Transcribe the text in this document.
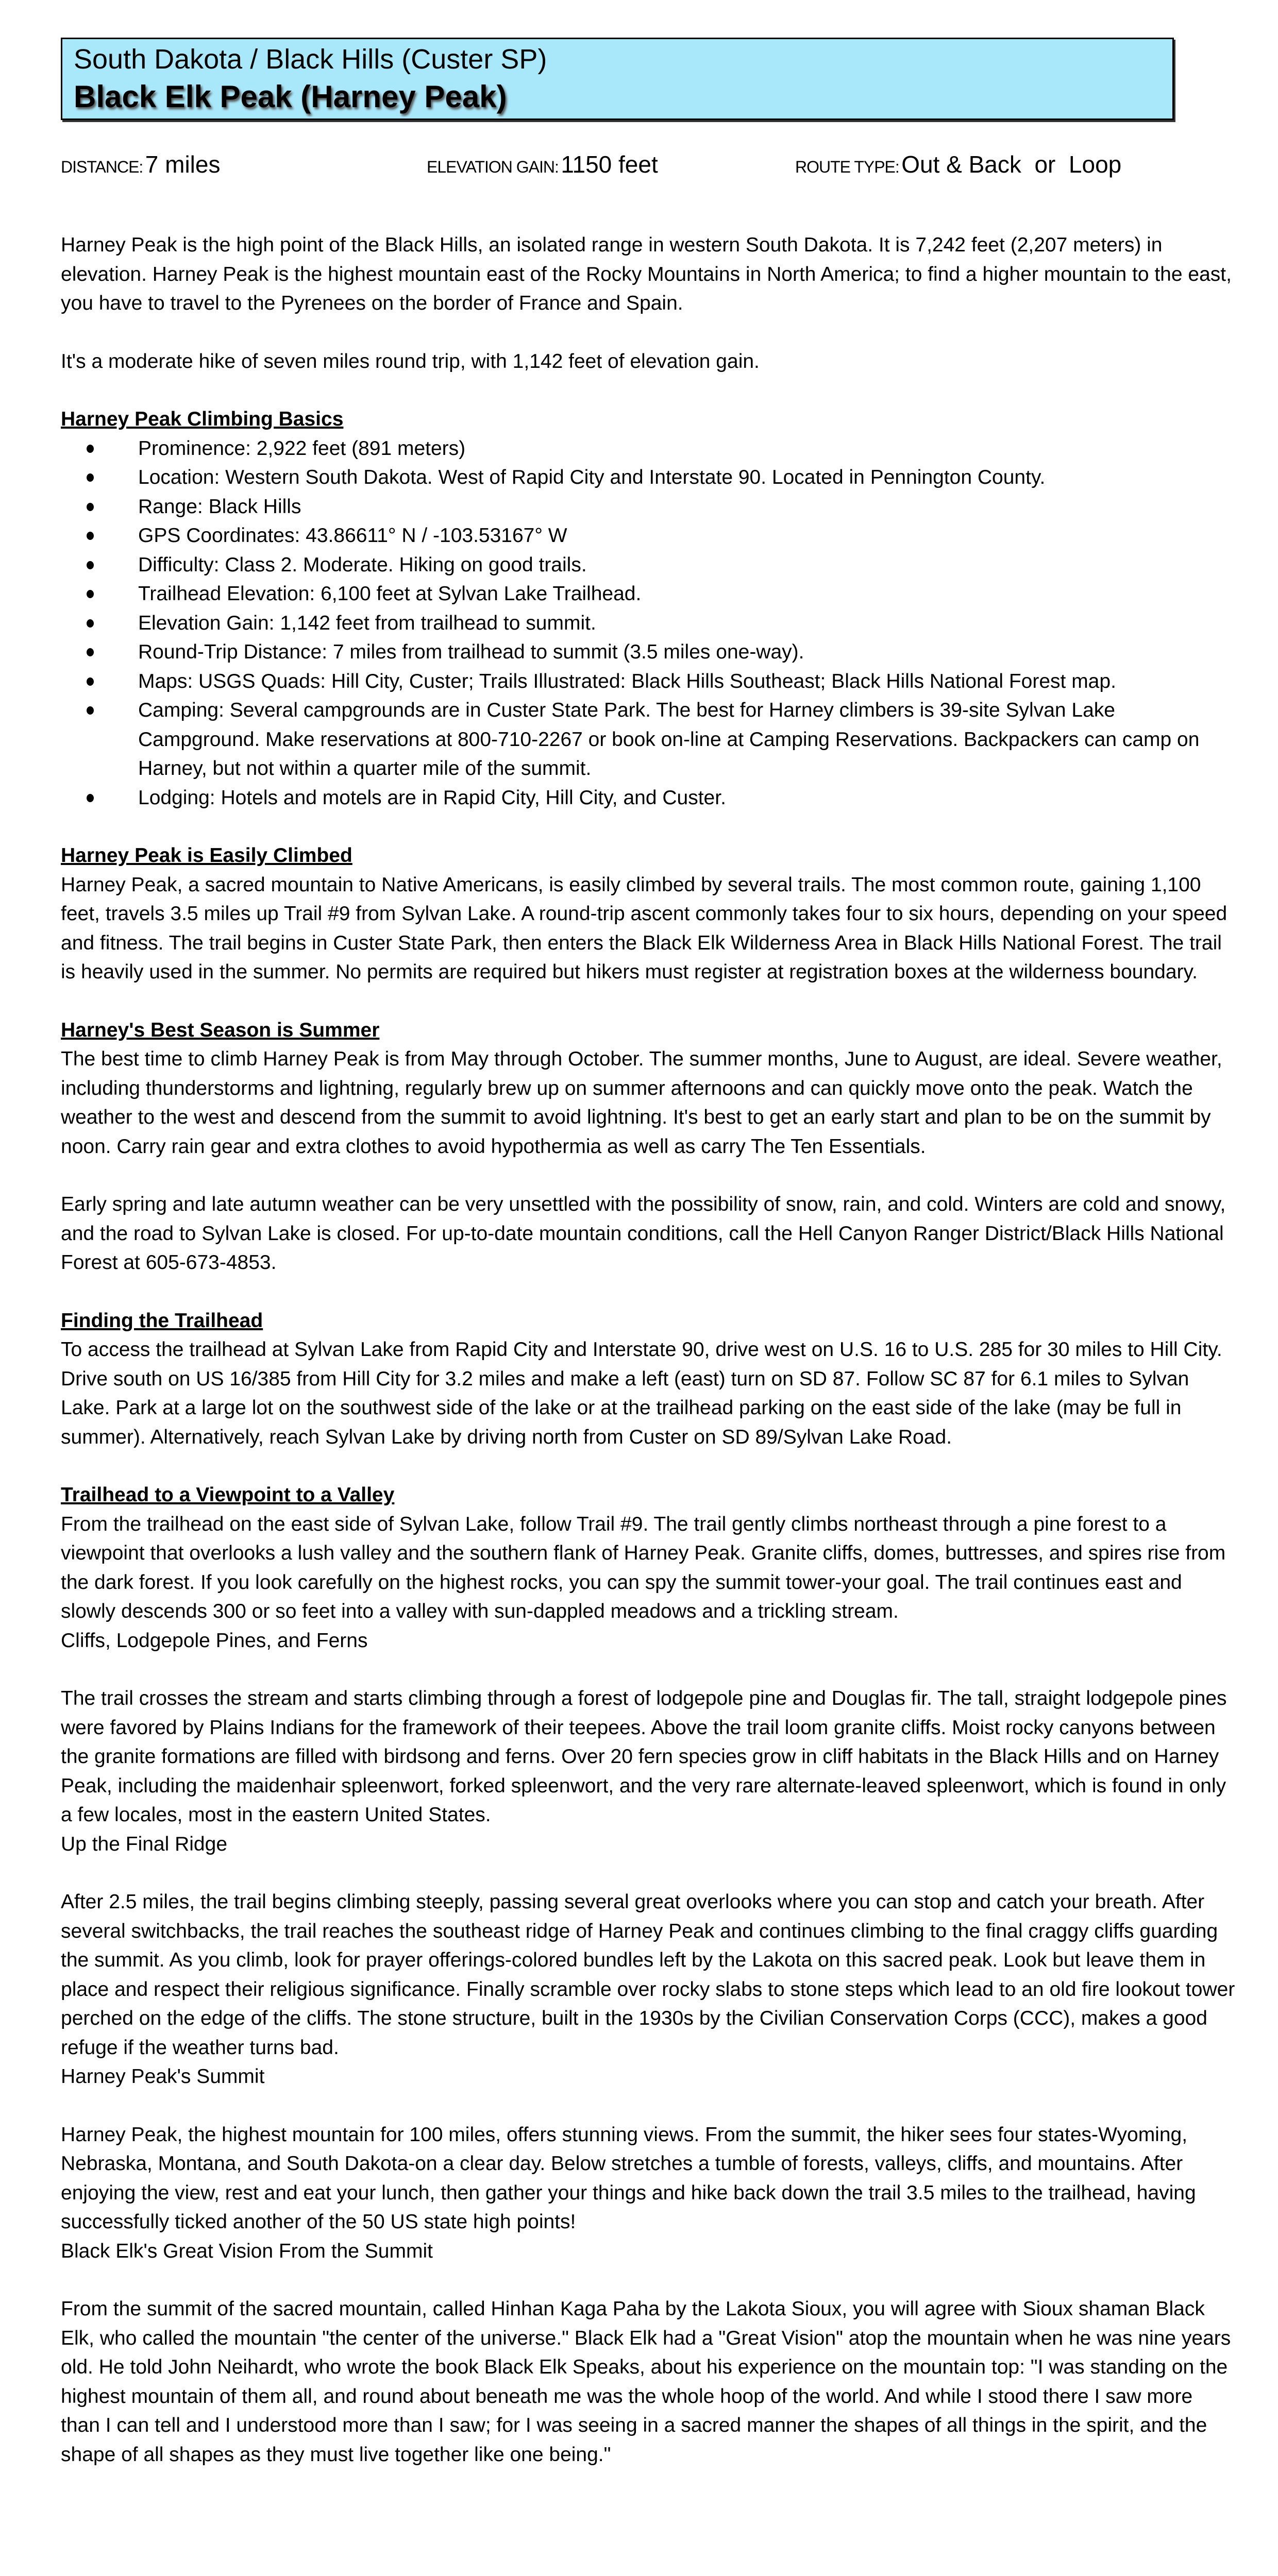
South Dakota / Black Hills (Custer SP)
Black Elk Peak (Harney Peak)
DISTANCE: 7 miles	ELEVATION GAIN: 1150 feet	ROUTE TYPE: Out & Back  or  Loop

Harney Peak is the high point of the Black Hills, an isolated range in western South Dakota. It is 7,242 feet (2,207 meters) in elevation. Harney Peak is the highest mountain east of the Rocky Mountains in North America; to find a higher mountain to the east, you have to travel to the Pyrenees on the border of France and Spain.

It's a moderate hike of seven miles round trip, with 1,142 feet of elevation gain.

Harney Peak Climbing Basics

Prominence: 2,922 feet (891 meters)
Location: Western South Dakota. West of Rapid City and Interstate 90. Located in Pennington County.
Range: Black Hills
GPS Coordinates: 43.86611° N / -103.53167° W
Difficulty: Class 2. Moderate. Hiking on good trails.
Trailhead Elevation: 6,100 feet at Sylvan Lake Trailhead.
Elevation Gain: 1,142 feet from trailhead to summit.
Round-Trip Distance: 7 miles from trailhead to summit (3.5 miles one-way).
Maps: USGS Quads: Hill City, Custer; Trails Illustrated: Black Hills Southeast; Black Hills National Forest map.
Camping: Several campgrounds are in Custer State Park. The best for Harney climbers is 39-site Sylvan Lake Campground. Make reservations at 800-710-2267 or book on-line at Camping Reservations. Backpackers can camp on Harney, but not within a quarter mile of the summit.
Lodging: Hotels and motels are in Rapid City, Hill City, and Custer.

Harney Peak is Easily Climbed

Harney Peak, a sacred mountain to Native Americans, is easily climbed by several trails. The most common route, gaining 1,100 feet, travels 3.5 miles up Trail #9 from Sylvan Lake. A round-trip ascent commonly takes four to six hours, depending on your speed and fitness. The trail begins in Custer State Park, then enters the Black Elk Wilderness Area in Black Hills National Forest. The trail is heavily used in the summer. No permits are required but hikers must register at registration boxes at the wilderness boundary.

Harney's Best Season is Summer

The best time to climb Harney Peak is from May through October. The summer months, June to August, are ideal. Severe weather, including thunderstorms and lightning, regularly brew up on summer afternoons and can quickly move onto the peak. Watch the weather to the west and descend from the summit to avoid lightning. It's best to get an early start and plan to be on the summit by noon. Carry rain gear and extra clothes to avoid hypothermia as well as carry The Ten Essentials.

Early spring and late autumn weather can be very unsettled with the possibility of snow, rain, and cold. Winters are cold and snowy, and the road to Sylvan Lake is closed. For up-to-date mountain conditions, call the Hell Canyon Ranger District/Black Hills National Forest at 605-673-4853.

Finding the Trailhead

To access the trailhead at Sylvan Lake from Rapid City and Interstate 90, drive west on U.S. 16 to U.S. 285 for 30 miles to Hill City. Drive south on US 16/385 from Hill City for 3.2 miles and make a left (east) turn on SD 87. Follow SC 87 for 6.1 miles to Sylvan Lake. Park at a large lot on the southwest side of the lake or at the trailhead parking on the east side of the lake (may be full in summer). Alternatively, reach Sylvan Lake by driving north from Custer on SD 89/Sylvan Lake Road.

Trailhead to a Viewpoint to a Valley

From the trailhead on the east side of Sylvan Lake, follow Trail #9. The trail gently climbs northeast through a pine forest to a viewpoint that overlooks a lush valley and the southern flank of Harney Peak. Granite cliffs, domes, buttresses, and spires rise from the dark forest. If you look carefully on the highest rocks, you can spy the summit tower-your goal. The trail continues east and slowly descends 300 or so feet into a valley with sun-dappled meadows and a trickling stream.

Cliffs, Lodgepole Pines, and Ferns

The trail crosses the stream and starts climbing through a forest of lodgepole pine and Douglas fir. The tall, straight lodgepole pines were favored by Plains Indians for the framework of their teepees. Above the trail loom granite cliffs. Moist rocky canyons between the granite formations are filled with birdsong and ferns. Over 20 fern species grow in cliff habitats in the Black Hills and on Harney Peak, including the maidenhair spleenwort, forked spleenwort, and the very rare alternate-leaved spleenwort, which is found in only a few locales, most in the eastern United States.

Up the Final Ridge

After 2.5 miles, the trail begins climbing steeply, passing several great overlooks where you can stop and catch your breath. After several switchbacks, the trail reaches the southeast ridge of Harney Peak and continues climbing to the final craggy cliffs guarding the summit. As you climb, look for prayer offerings-colored bundles left by the Lakota on this sacred peak. Look but leave them in place and respect their religious significance. Finally scramble over rocky slabs to stone steps which lead to an old fire lookout tower perched on the edge of the cliffs. The stone structure, built in the 1930s by the Civilian Conservation Corps (CCC), makes a good refuge if the weather turns bad.

Harney Peak's Summit

Harney Peak, the highest mountain for 100 miles, offers stunning views. From the summit, the hiker sees four states-Wyoming, Nebraska, Montana, and South Dakota-on a clear day. Below stretches a tumble of forests, valleys, cliffs, and mountains. After enjoying the view, rest and eat your lunch, then gather your things and hike back down the trail 3.5 miles to the trailhead, having successfully ticked another of the 50 US state high points!

Black Elk's Great Vision From the Summit

From the summit of the sacred mountain, called Hinhan Kaga Paha by the Lakota Sioux, you will agree with Sioux shaman Black Elk, who called the mountain "the center of the universe." Black Elk had a "Great Vision" atop the mountain when he was nine years old. He told John Neihardt, who wrote the book Black Elk Speaks, about his experience on the mountain top: "I was standing on the highest mountain of them all, and round about beneath me was the whole hoop of the world. And while I stood there I saw more than I can tell and I understood more than I saw; for I was seeing in a sacred manner the shapes of all things in the spirit, and the shape of all shapes as they must live together like one being."
